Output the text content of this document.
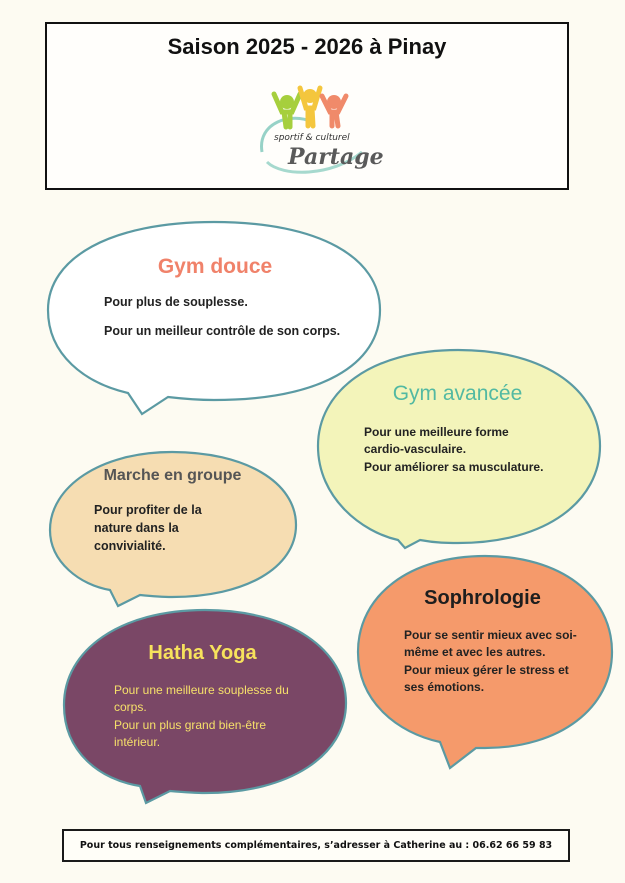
Saison 2025 - 2026 à Pinay
sportif & culturel
Partage
Gym douce

Pour plus de souplesse.

Pour un meilleur contrôle de son corps.

Gym avancée

Pour une meilleure forme cardio-vasculaire.

Pour améliorer sa musculature.

Marche en groupe

Pour profiter de la nature dans la convivialité.

Sophrologie

Pour se sentir mieux avec soi-même et avec les autres.

Pour mieux gérer le stress et ses émotions.

Hatha Yoga

Pour une meilleure souplesse du corps.

Pour un plus grand bien-être intérieur.

Pour tous renseignements complémentaires, s’adresser à Catherine au : 06.62 66 59 83
